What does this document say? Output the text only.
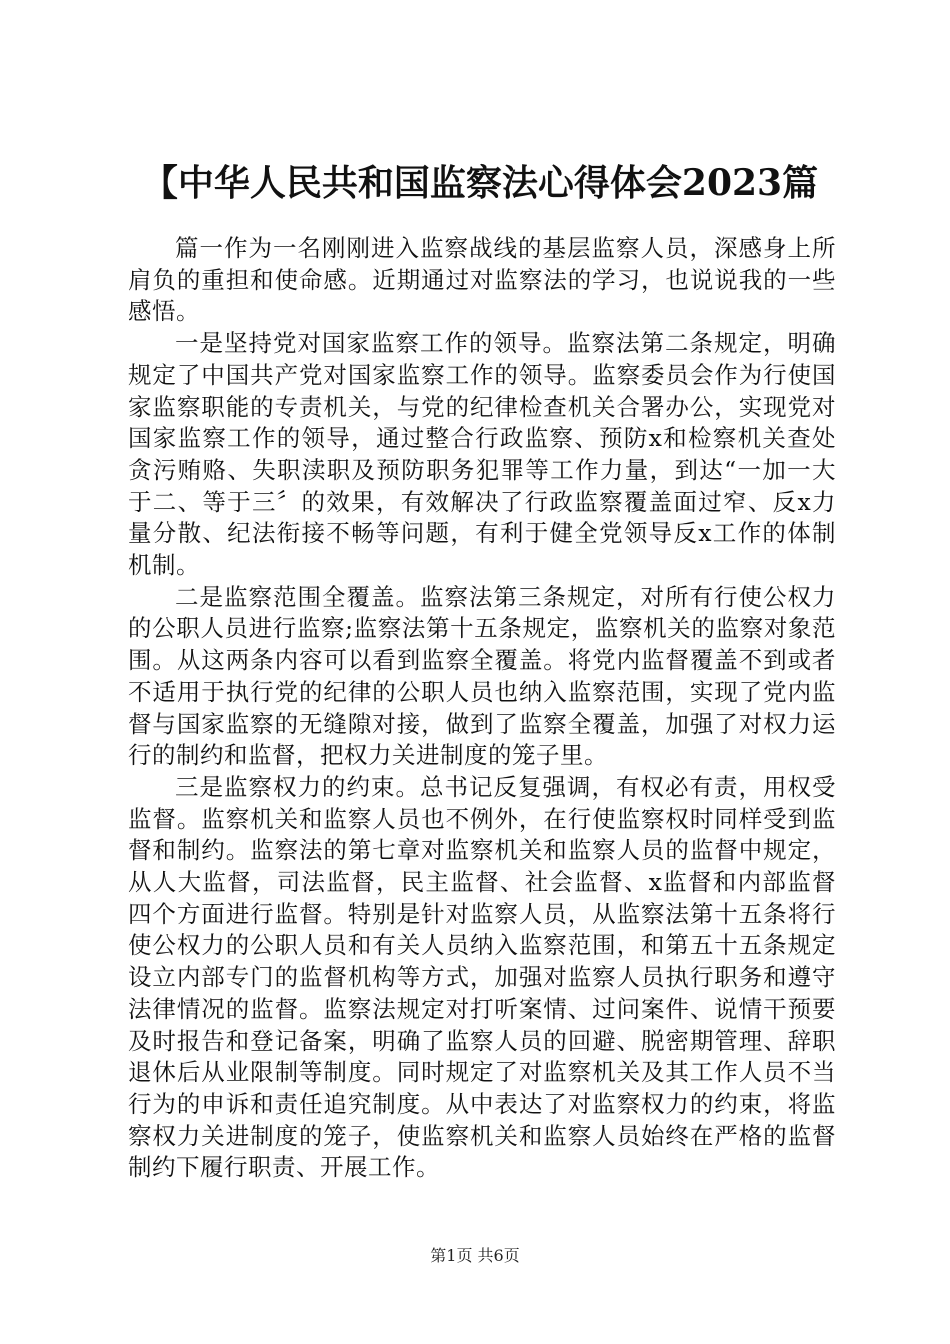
【中华人民共和国监察法心得体会2023篇

篇一作为一名刚刚进入监察战线的基层监察人员，深感身上所肩负的重担和使命感。近期通过对监察法的学习，也说说我的一些感悟。

一是坚持党对国家监察工作的领导。监察法第二条规定，明确规定了中国共产党对国家监察工作的领导。监察委员会作为行使国家监察职能的专责机关，与党的纪律检查机关合署办公，实现党对国家监察工作的领导，通过整合行政监察、预防x和检察机关查处贪污贿赂、失职渎职及预防职务犯罪等工作力量，到达“一加一大于二、等于三〞的效果，有效解决了行政监察覆盖面过窄、反x力量分散、纪法衔接不畅等问题，有利于健全党领导反x工作的体制机制。

二是监察范围全覆盖。监察法第三条规定，对所有行使公权力的公职人员进行监察;监察法第十五条规定，监察机关的监察对象范围。从这两条内容可以看到监察全覆盖。将党内监督覆盖不到或者不适用于执行党的纪律的公职人员也纳入监察范围，实现了党内监督与国家监察的无缝隙对接，做到了监察全覆盖，加强了对权力运行的制约和监督，把权力关进制度的笼子里。

三是监察权力的约束。总书记反复强调，有权必有责，用权受监督。监察机关和监察人员也不例外，在行使监察权时同样受到监督和制约。监察法的第七章对监察机关和监察人员的监督中规定，从人大监督，司法监督，民主监督、社会监督、x监督和内部监督四个方面进行监督。特别是针对监察人员，从监察法第十五条将行使公权力的公职人员和有关人员纳入监察范围，和第五十五条规定设立内部专门的监督机构等方式，加强对监察人员执行职务和遵守法律情况的监督。监察法规定对打听案情、过问案件、说情干预要及时报告和登记备案，明确了监察人员的回避、脱密期管理、辞职退休后从业限制等制度。同时规定了对监察机关及其工作人员不当行为的申诉和责任追究制度。从中表达了对监察权力的约束，将监察权力关进制度的笼子，使监察机关和监察人员始终在严格的监督制约下履行职责、开展工作。

第1页 共6页
